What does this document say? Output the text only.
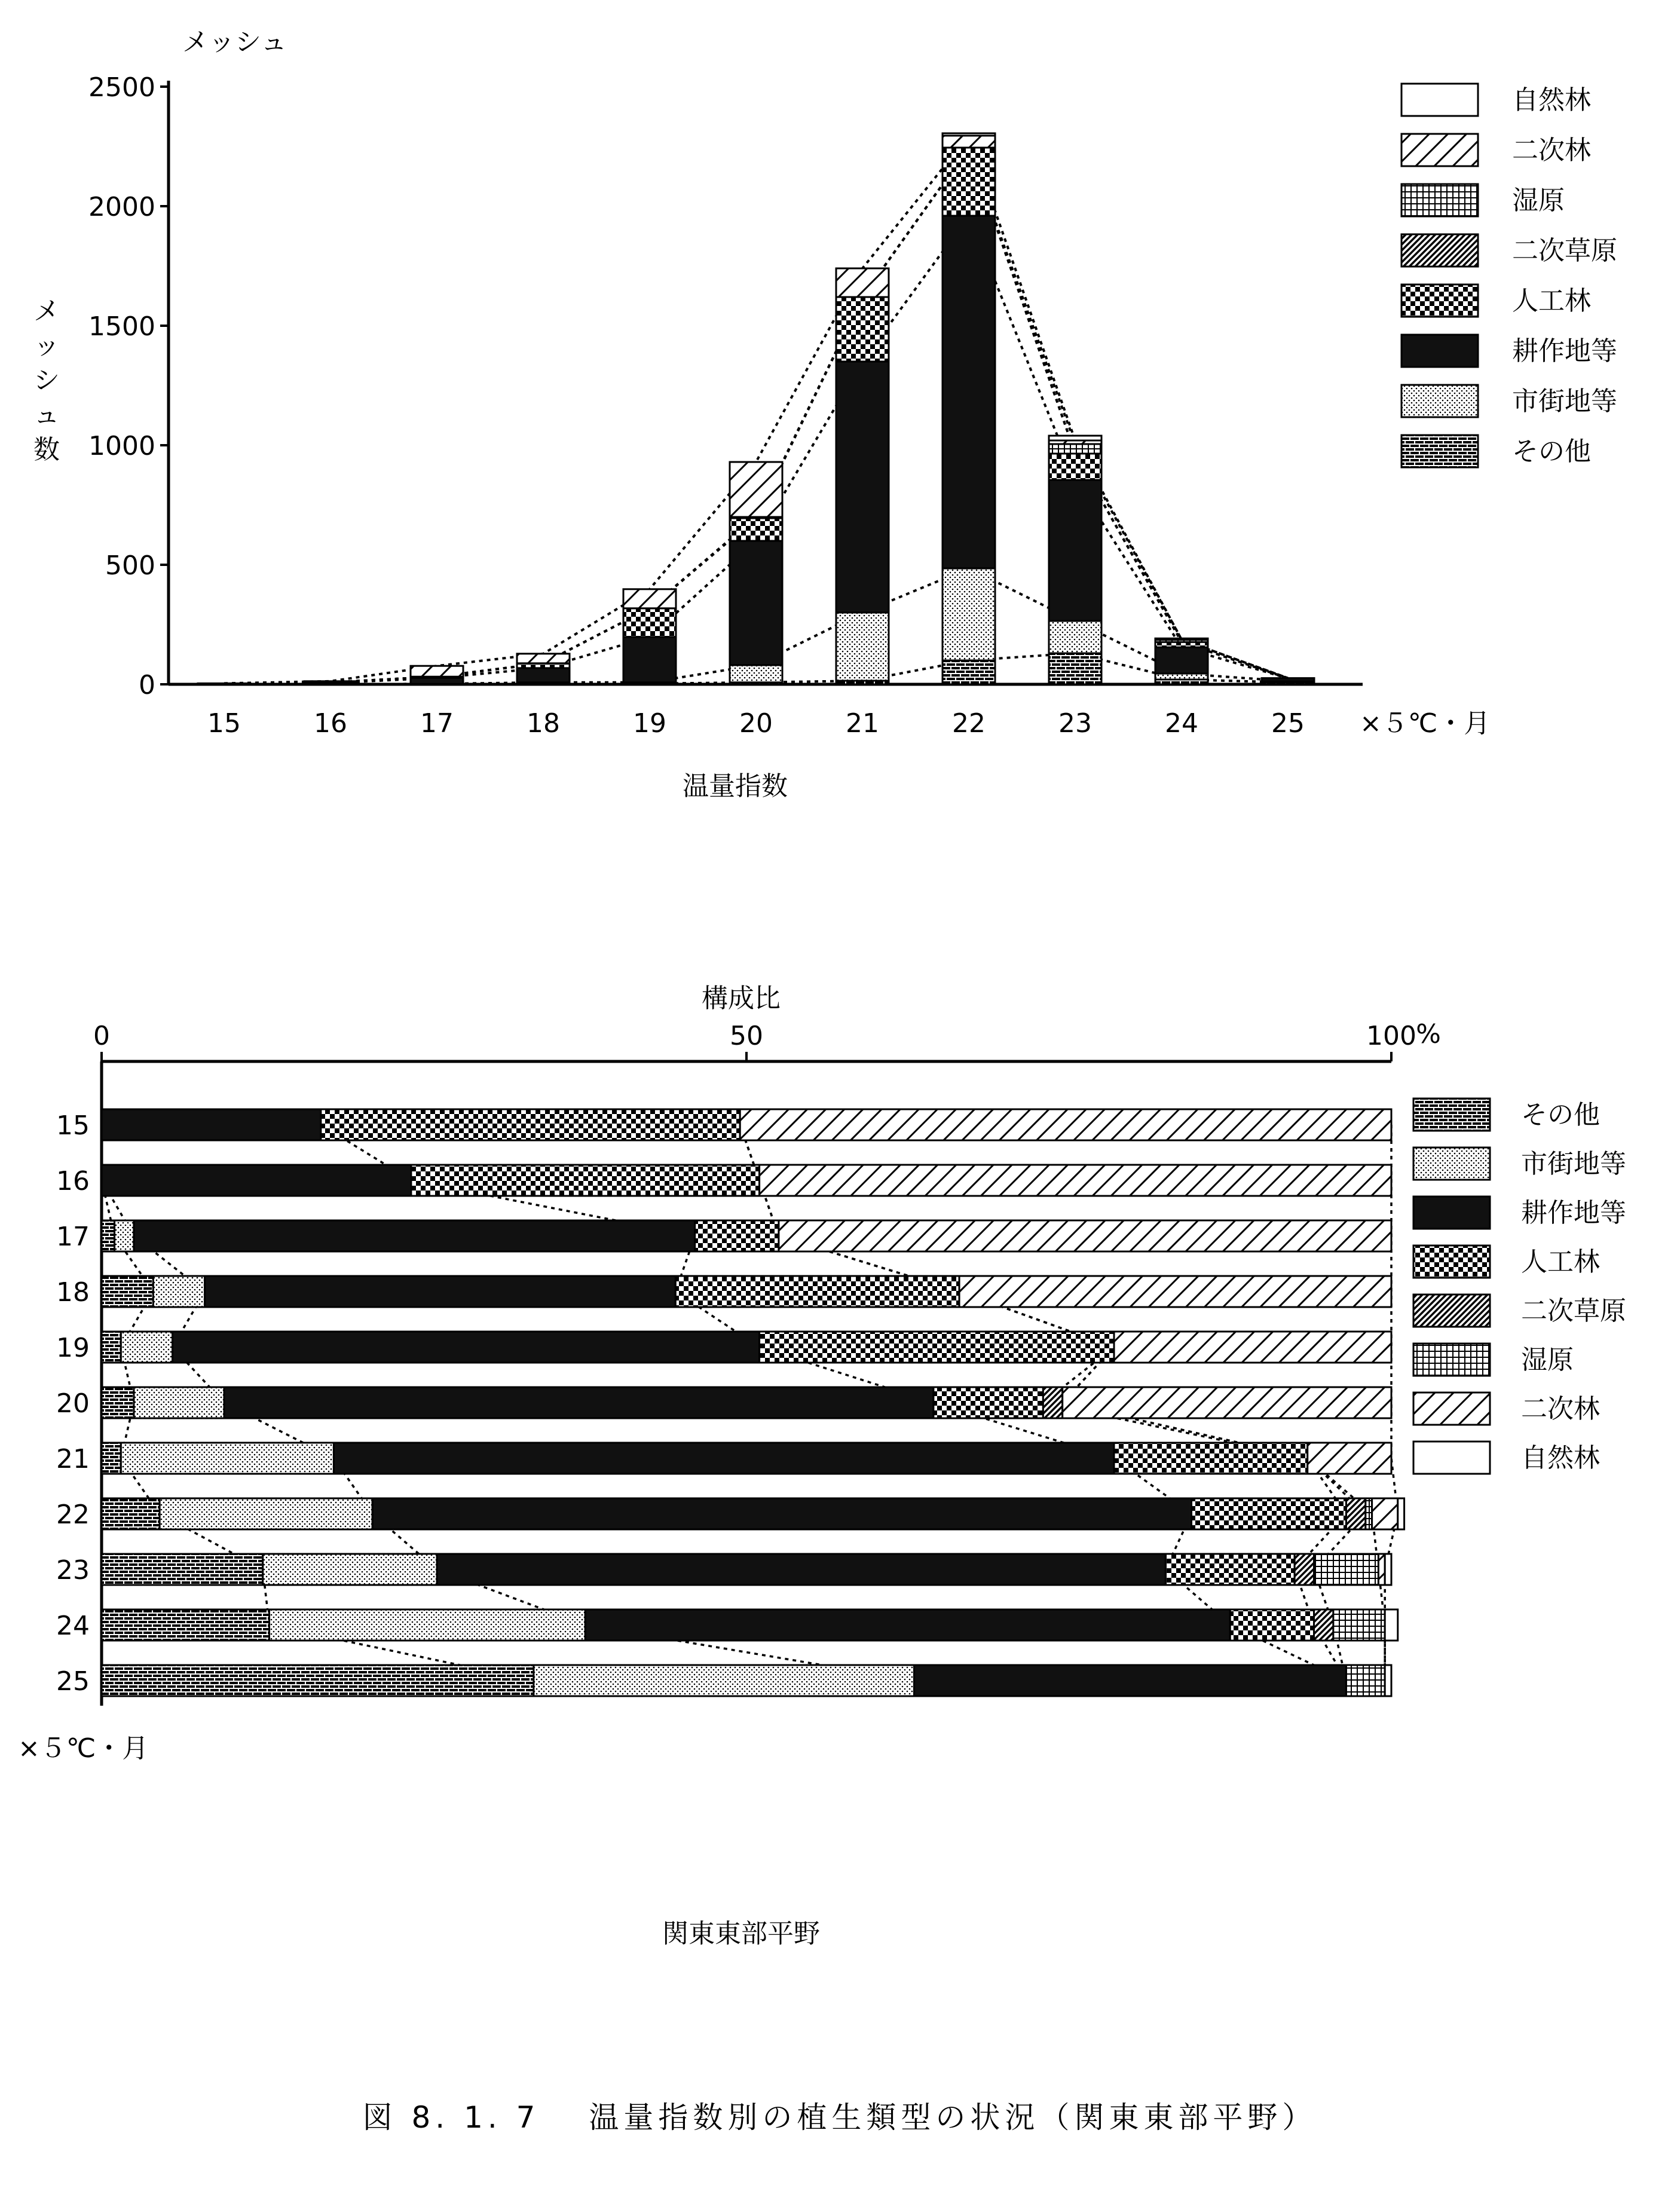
メッシュ
メ
ッ
シ
ュ
数
0
500
1000
1500
2000
2500
15	16	17	18	19	20	21	22	23	24	25 ×５℃・月
温量指数
自然林
二次林
湿原
二次草原
人工林
耕作地等
市街地等
その他
構成比
%
0	50	100
15
16
17
18
19
20
21
22
23
24
25
×５℃・月
その他
市街地等
耕作地等
人工林
二次草原
湿原
二次林
自然林
関東東部平野
図 8. 1. 7　 温量指数別の植生類型の状況（関東東部平野）
